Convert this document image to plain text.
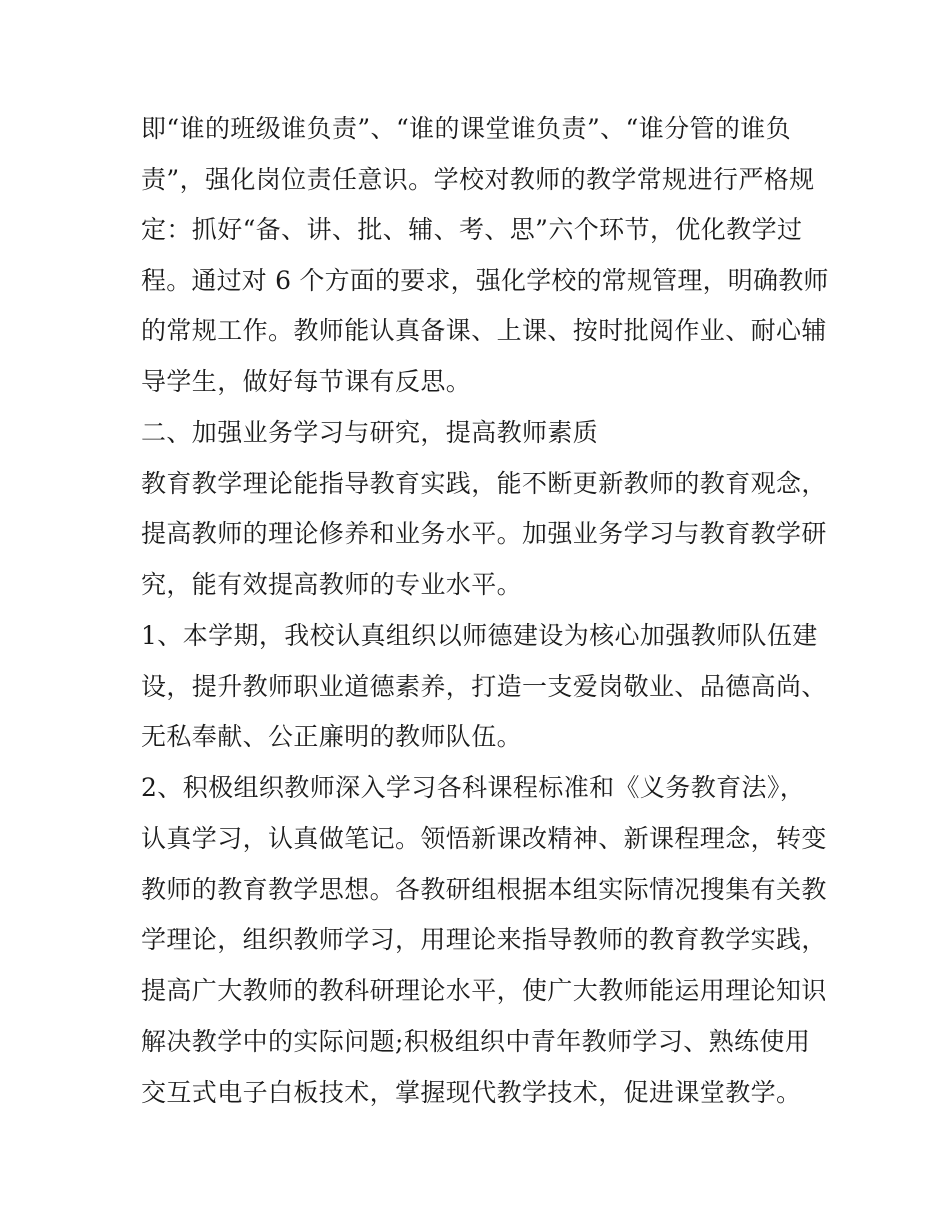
即“谁的班级谁负责”、“谁的课堂谁负责”、“谁分管的谁负
责”，强化岗位责任意识。学校对教师的教学常规进行严格规
定：抓好“备、讲、批、辅、考、思”六个环节，优化教学过
程。通过对 6 个方面的要求，强化学校的常规管理，明确教师
的常规工作。教师能认真备课、上课、按时批阅作业、耐心辅
导学生，做好每节课有反思。
二、加强业务学习与研究，提高教师素质
教育教学理论能指导教育实践，能不断更新教师的教育观念，
提高教师的理论修养和业务水平。加强业务学习与教育教学研
究，能有效提高教师的专业水平。
1、本学期，我校认真组织以师德建设为核心加强教师队伍建
设，提升教师职业道德素养，打造一支爱岗敬业、品德高尚、
无私奉献、公正廉明的教师队伍。
2、积极组织教师深入学习各科课程标准和《义务教育法》，
认真学习，认真做笔记。领悟新课改精神、新课程理念，转变
教师的教育教学思想。各教研组根据本组实际情况搜集有关教
学理论，组织教师学习，用理论来指导教师的教育教学实践，
提高广大教师的教科研理论水平，使广大教师能运用理论知识
解决教学中的实际问题;积极组织中青年教师学习、熟练使用
交互式电子白板技术，掌握现代教学技术，促进课堂教学。
